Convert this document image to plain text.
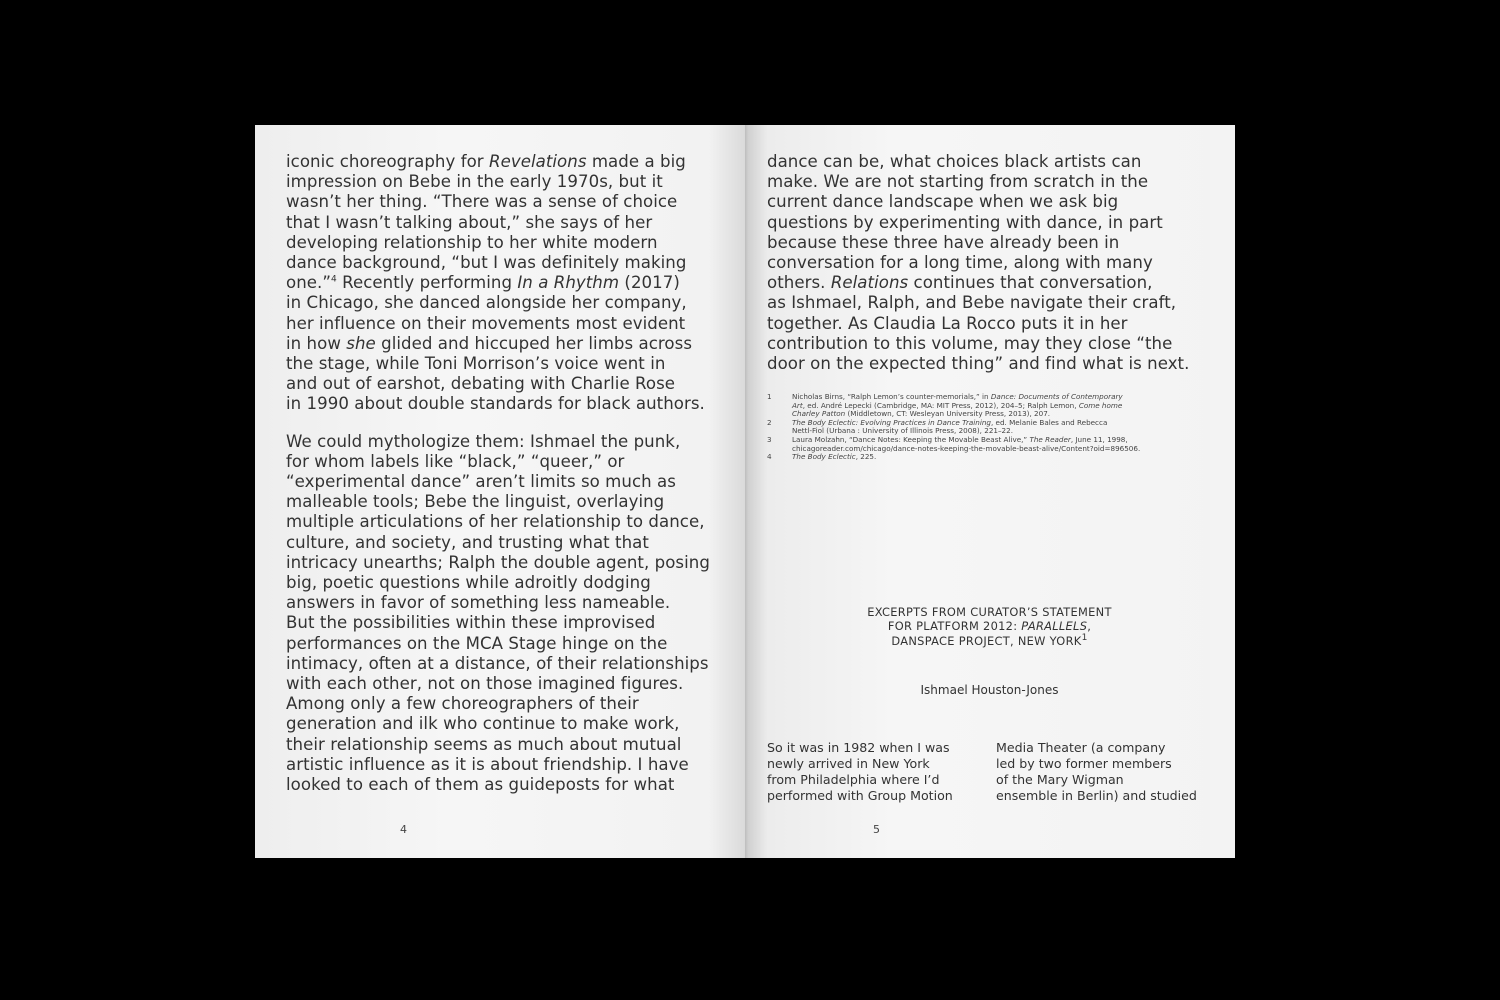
iconic choreography for Revelations made a big
impression on Bebe in the early 1970s, but it
wasn’t her thing. “There was a sense of choice
that I wasn’t talking about,” she says of her
developing relationship to her white modern
dance background, “but I was definitely making
one.”$^4$ Recently performing In a Rhythm (2017)
in Chicago, she danced alongside her company,
her influence on their movements most evident
in how she glided and hiccuped her limbs across
the stage, while Toni Morrison’s voice went in
and out of earshot, debating with Charlie Rose
in 1990 about double standards for black authors.
We could mythologize them: Ishmael the punk,
for whom labels like “black,” “queer,” or
“experimental dance” aren’t limits so much as
malleable tools; Bebe the linguist, overlaying
multiple articulations of her relationship to dance,
culture, and society, and trusting what that
intricacy unearths; Ralph the double agent, posing
big, poetic questions while adroitly dodging
answers in favor of something less nameable.
But the possibilities within these improvised
performances on the MCA Stage hinge on the
intimacy, often at a distance, of their relationships
with each other, not on those imagined figures.
Among only a few choreographers of their
generation and ilk who continue to make work,
their relationship seems as much about mutual
artistic influence as it is about friendship. I have
looked to each of them as guideposts for what
4
dance can be, what choices black artists can
make. We are not starting from scratch in the
current dance landscape when we ask big
questions by experimenting with dance, in part
because these three have already been in
conversation for a long time, along with many
others. Relations continues that conversation,
as Ishmael, Ralph, and Bebe navigate their craft,
together. As Claudia La Rocco puts it in her
contribution to this volume, may they close “the
door on the expected thing” and find what is next.
1	Nicholas Birns, “Ralph Lemon’s counter-memorials,” in Dance: Documents of Contemporary
Art, ed. André Lepecki (Cambridge, MA: MIT Press, 2012), 204–5; Ralph Lemon, Come home
Charley Patton (Middletown, CT: Wesleyan University Press, 2013), 207.
2	The Body Eclectic: Evolving Practices in Dance Training, ed. Melanie Bales and Rebecca
Nettl-Fiol (Urbana : University of Illinois Press, 2008), 221–22.
3	Laura Molzahn, “Dance Notes: Keeping the Movable Beast Alive,” The Reader, June 11, 1998,
chicagoreader.com/chicago/dance-notes-keeping-the-movable-beast-alive/Content?oid=896506.
4	The Body Eclectic, 225.
EXCERPTS FROM CURATOR’S STATEMENT
FOR PLATFORM 2012: PARALLELS,
DANSPACE PROJECT, NEW YORK$^1$
Ishmael Houston-Jones
So it was in 1982 when I was
newly arrived in New York
from Philadelphia where I’d
performed with Group Motion
Media Theater (a company
led by two former members
of the Mary Wigman
ensemble in Berlin) and studied
5
